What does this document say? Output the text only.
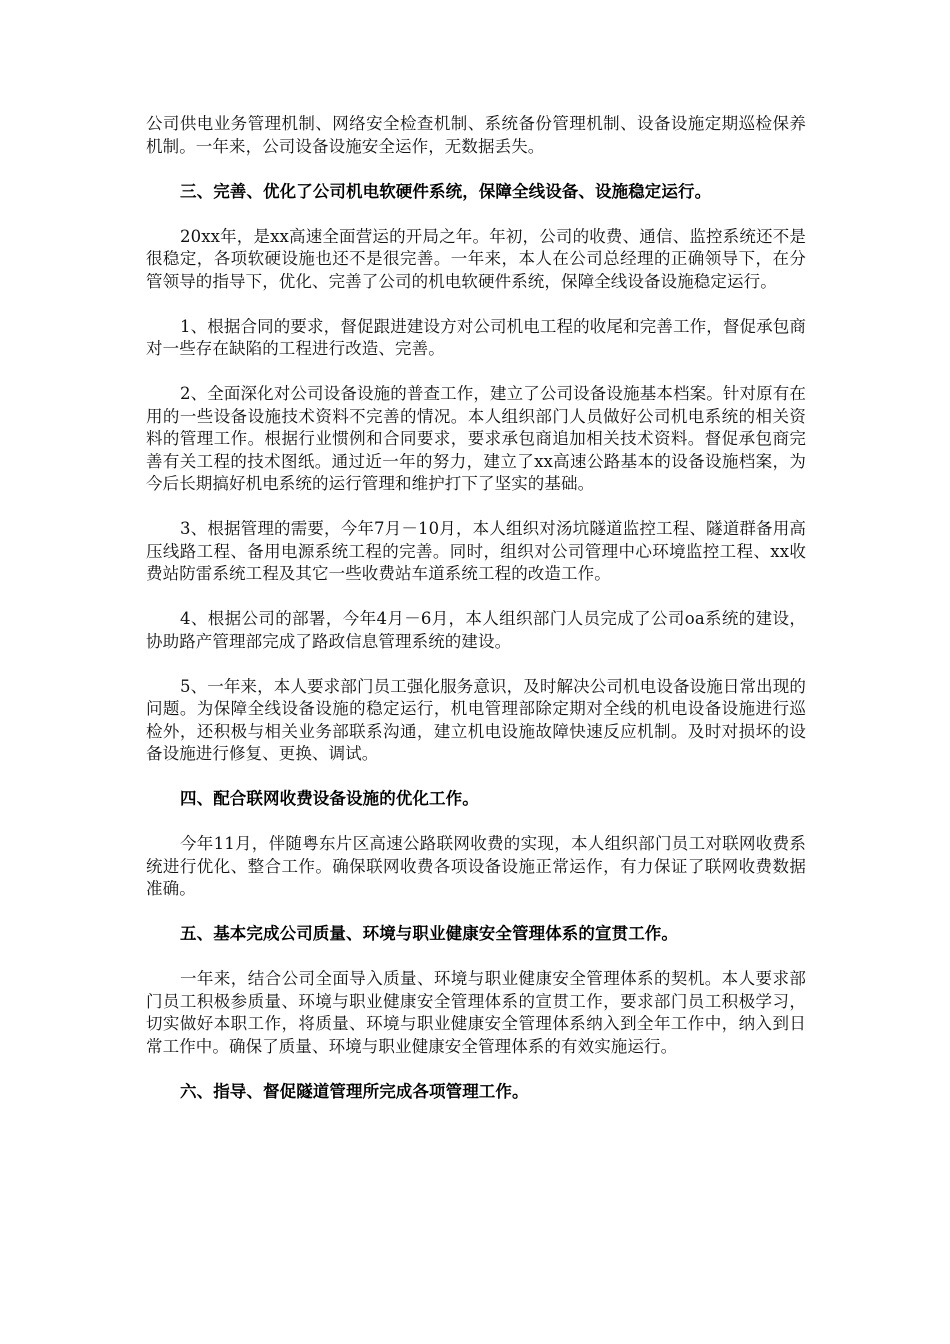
公司供电业务管理机制、网络安全检查机制、系统备份管理机制、设备设施定期巡检保养机制。一年来，公司设备设施安全运作，无数据丢失。

三、完善、优化了公司机电软硬件系统，保障全线设备、设施稳定运行。

20xx年，是xx高速全面营运的开局之年。年初，公司的收费、通信、监控系统还不是很稳定，各项软硬设施也还不是很完善。一年来，本人在公司总经理的正确领导下，在分管领导的指导下，优化、完善了公司的机电软硬件系统，保障全线设备设施稳定运行。

1、根据合同的要求，督促跟进建设方对公司机电工程的收尾和完善工作，督促承包商对一些存在缺陷的工程进行改造、完善。

2、全面深化对公司设备设施的普查工作，建立了公司设备设施基本档案。针对原有在用的一些设备设施技术资料不完善的情况。本人组织部门人员做好公司机电系统的相关资料的管理工作。根据行业惯例和合同要求，要求承包商追加相关技术资料。督促承包商完善有关工程的技术图纸。通过近一年的努力，建立了xx高速公路基本的设备设施档案，为今后长期搞好机电系统的运行管理和维护打下了坚实的基础。

3、根据管理的需要，今年7月－10月，本人组织对汤坑隧道监控工程、隧道群备用高压线路工程、备用电源系统工程的完善。同时，组织对公司管理中心环境监控工程、xx收费站防雷系统工程及其它一些收费站车道系统工程的改造工作。

4、根据公司的部署，今年4月－6月，本人组织部门人员完成了公司oa系统的建设，协助路产管理部完成了路政信息管理系统的建设。

5、一年来，本人要求部门员工强化服务意识，及时解决公司机电设备设施日常出现的问题。为保障全线设备设施的稳定运行，机电管理部除定期对全线的机电设备设施进行巡检外，还积极与相关业务部联系沟通，建立机电设施故障快速反应机制。及时对损坏的设备设施进行修复、更换、调试。

四、配合联网收费设备设施的优化工作。

今年11月，伴随粤东片区高速公路联网收费的实现，本人组织部门员工对联网收费系统进行优化、整合工作。确保联网收费各项设备设施正常运作，有力保证了联网收费数据准确。

五、基本完成公司质量、环境与职业健康安全管理体系的宣贯工作。

一年来，结合公司全面导入质量、环境与职业健康安全管理体系的契机。本人要求部门员工积极参质量、环境与职业健康安全管理体系的宣贯工作，要求部门员工积极学习，切实做好本职工作，将质量、环境与职业健康安全管理体系纳入到全年工作中，纳入到日常工作中。确保了质量、环境与职业健康安全管理体系的有效实施运行。

六、指导、督促隧道管理所完成各项管理工作。
